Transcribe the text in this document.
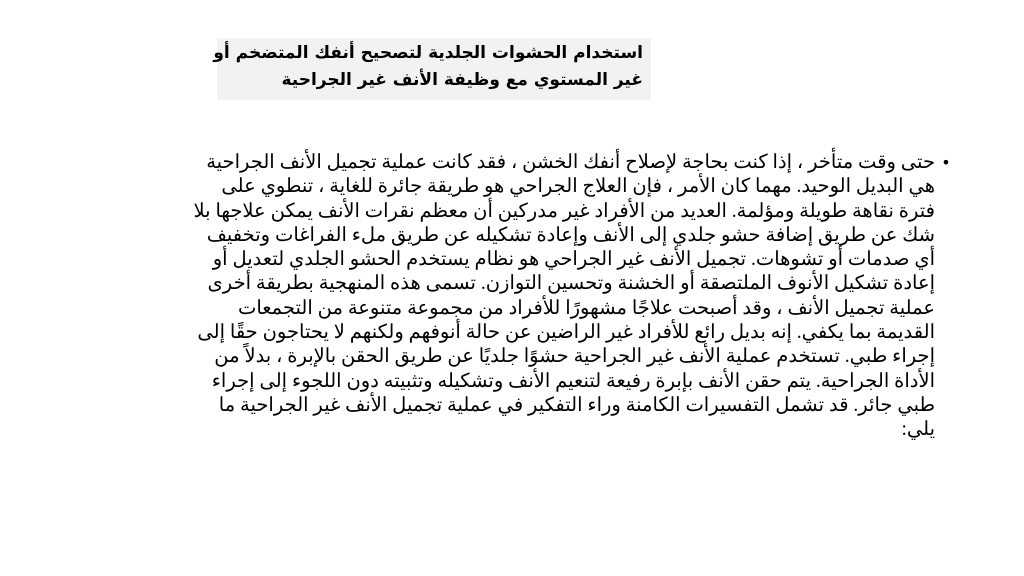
استخدام الحشوات الجلدية لتصحيح أنفك المتضخم أو
غير المستوي مع وظيفة الأنف غير الجراحية
•
حتى وقت متأخر ، إذا كنت بحاجة لإصلاح أنفك الخشن ، فقد كانت عملية تجميل الأنف الجراحية
هي البديل الوحيد. مهما كان الأمر ، فإن العلاج الجراحي هو طريقة جائرة للغاية ، تنطوي على
فترة نقاهة طويلة ومؤلمة. العديد من الأفراد غير مدركين أن معظم نقرات الأنف يمكن علاجها بلا
شك عن طريق إضافة حشو جلدي إلى الأنف وإعادة تشكيله عن طريق ملء الفراغات وتخفيف
أي صدمات أو تشوهات. تجميل الأنف غير الجراحي هو نظام يستخدم الحشو الجلدي لتعديل أو
إعادة تشكيل الأنوف الملتصقة أو الخشنة وتحسين التوازن. تسمى هذه المنهجية بطريقة أخرى
عملية تجميل الأنف ، وقد أصبحت علاجًا مشهورًا للأفراد من مجموعة متنوعة من التجمعات
القديمة بما يكفي. إنه بديل رائع للأفراد غير الراضين عن حالة أنوفهم ولكنهم لا يحتاجون حقًا إلى
إجراء طبي. تستخدم عملية الأنف غير الجراحية حشوًا جلديًا عن طريق الحقن بالإبرة ، بدلاً من
الأداة الجراحية. يتم حقن الأنف بإبرة رفيعة لتنعيم الأنف وتشكيله وتثبيته دون اللجوء إلى إجراء
طبي جائر. قد تشمل التفسيرات الكامنة وراء التفكير في عملية تجميل الأنف غير الجراحية ما
يلي:
